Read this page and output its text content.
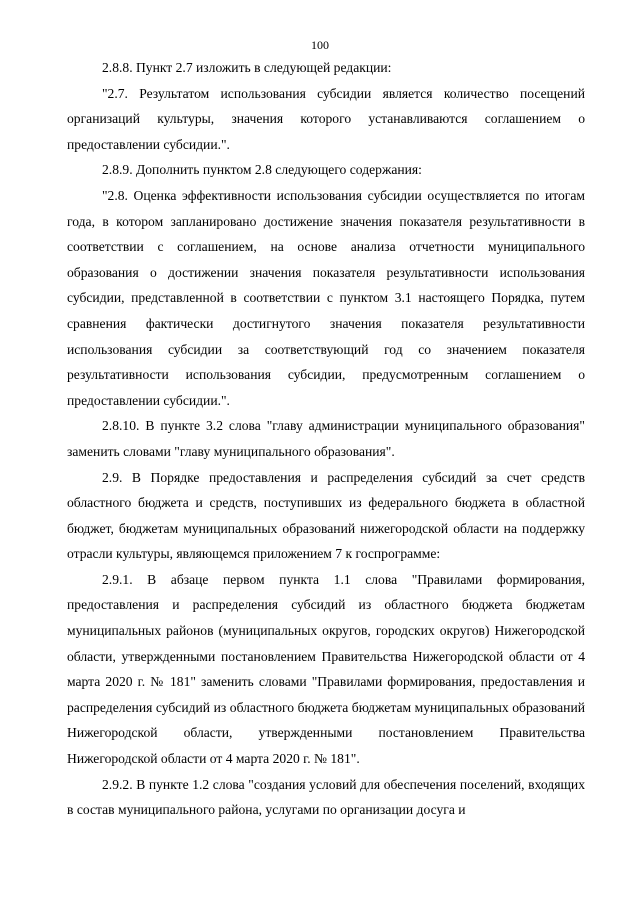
100

2.8.8. Пункт 2.7 изложить в следующей редакции:

"2.7. Результатом использования субсидии является количество посещений организаций культуры, значения которого устанавливаются соглашением о предоставлении субсидии.".

2.8.9. Дополнить пунктом 2.8 следующего содержания:

"2.8. Оценка эффективности использования субсидии осуществляется по итогам года, в котором запланировано достижение значения показателя результативности в соответствии с соглашением, на основе анализа отчетности муниципального образования о достижении значения показателя результативности использования субсидии, представленной в соответствии с пунктом 3.1 настоящего Порядка, путем сравнения фактически достигнутого значения показателя результативности использования субсидии за соответствующий год со значением показателя результативности использования субсидии, предусмотренным соглашением о предоставлении субсидии.".

2.8.10. В пункте 3.2 слова "главу администрации муниципального образования" заменить словами "главу муниципального образования".

2.9. В Порядке предоставления и распределения субсидий за счет средств областного бюджета и средств, поступивших из федерального бюджета в областной бюджет, бюджетам муниципальных образований нижегородской области на поддержку отрасли культуры, являющемся приложением 7 к госпрограмме:

2.9.1. В абзаце первом пункта 1.1 слова "Правилами формирования, предоставления и распределения субсидий из областного бюджета бюджетам муниципальных районов (муниципальных округов, городских округов) Нижегородской области, утвержденными постановлением Правительства Нижегородской области от 4 марта 2020 г. № 181" заменить словами "Правилами формирования, предоставления и распределения субсидий из областного бюджета бюджетам муниципальных образований Нижегородской области, утвержденными постановлением Правительства Нижегородской области от 4 марта 2020 г. № 181".

2.9.2. В пункте 1.2 слова "создания условий для обеспечения поселений, входящих в состав муниципального района, услугами по организации досуга и
